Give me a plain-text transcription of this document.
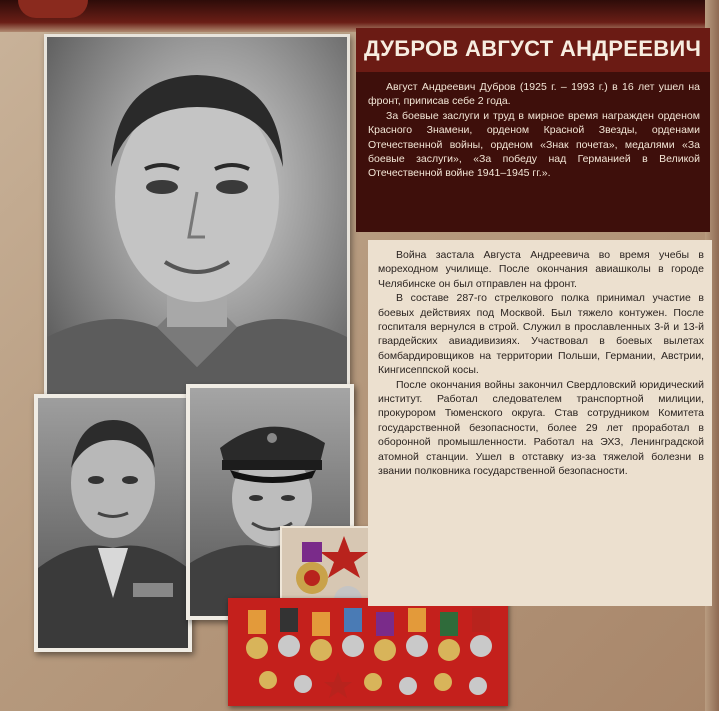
ДУБРОВ АВГУСТ АНДРЕЕВИЧ

Август Андреевич Дубров (1925 г. – 1993 г.) в 16 лет ушел на фронт, приписав себе 2 года.

За боевые заслуги и труд в мирное время награжден орденом Красного Знамени, орденом Красной Звезды, орденами Отечественной войны, орденом «Знак почета», медалями «За боевые заслуги», «За победу над Германией в Великой Отечественной войне 1941–1945 гг.».

Война застала Августа Андреевича во время учебы в мореходном училище. После окончания авиашколы в городе Челябинске он был отправлен на фронт.

В составе 287-го стрелкового полка принимал участие в боевых действиях под Москвой. Был тяжело контужен. После госпиталя вернулся в строй. Служил в прославленных 3-й и 13-й гвардейских авиадивизиях. Участвовал в боевых вылетах бомбардировщиков на территории Польши, Германии, Австрии, Кингисеппской косы.

После окончания войны закончил Свердловский юридический институт. Работал следователем транспортной милиции, прокурором Тюменского округа. Став сотрудником Комитета государственной безопасности, более 29 лет проработал в оборонной промышленности. Работал на ЭХЗ, Ленинградской атомной станции. Ушел в отставку из-за тяжелой болезни в звании полковника государственной безопасности.
